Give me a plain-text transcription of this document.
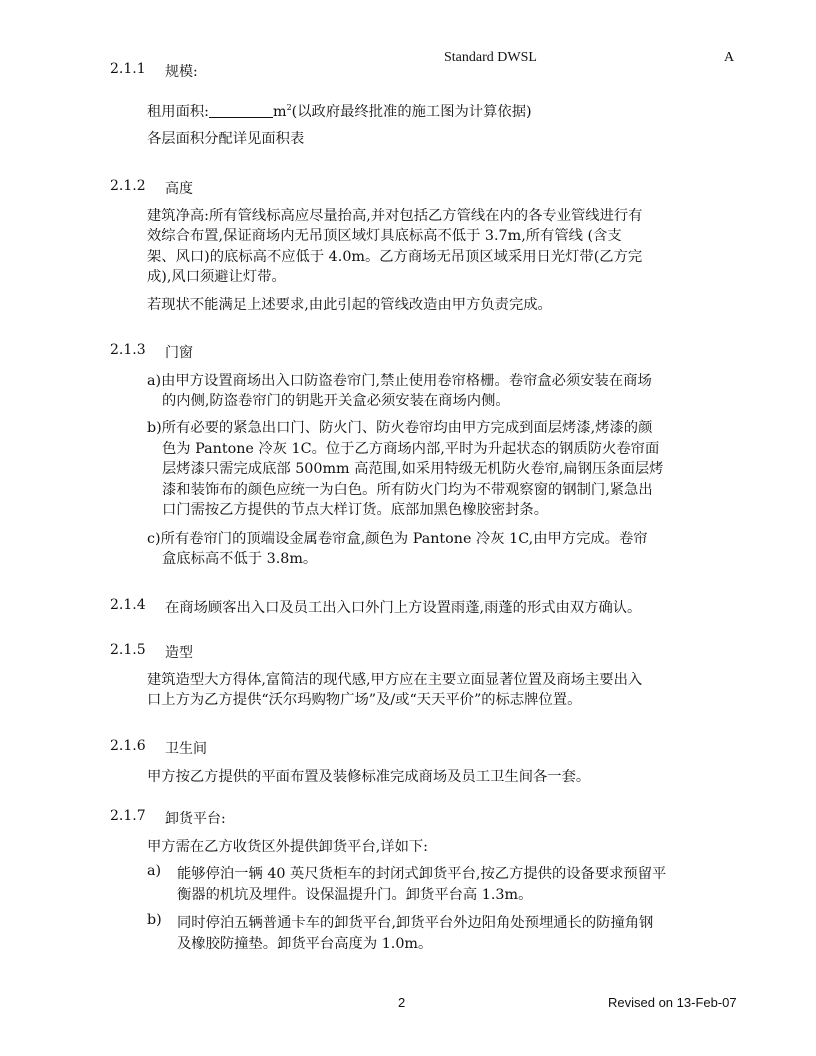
Standard DWSL	A
2.1.1 规模:
租用面积:	$m^2$(以政府最终批准的施工图为计算依据)
各层面积分配详见面积表
2.1.2 高度
建筑净高:所有管线标高应尽量抬高,并对包括乙方管线在内的各专业管线进行有
效综合布置,保证商场内无吊顶区域灯具底标高不低于 3.7m,所有管线 (含支
架、风口)的底标高不应低于 4.0m。乙方商场无吊顶区域采用日光灯带(乙方完
成),风口须避让灯带。
若现状不能满足上述要求,由此引起的管线改造由甲方负责完成。
2.1.3 门窗
a)由甲方设置商场出入口防盗卷帘门,禁止使用卷帘格栅。卷帘盒必须安装在商场
的内侧,防盗卷帘门的钥匙开关盒必须安装在商场内侧。
b)所有必要的紧急出口门、防火门、防火卷帘均由甲方完成到面层烤漆,烤漆的颜
色为 Pantone 冷灰 1C。位于乙方商场内部,平时为升起状态的钢质防火卷帘面
层烤漆只需完成底部 500mm 高范围,如采用特级无机防火卷帘,扁钢压条面层烤
漆和装饰布的颜色应统一为白色。所有防火门均为不带观察窗的钢制门,紧急出
口门需按乙方提供的节点大样订货。底部加黑色橡胶密封条。
c)所有卷帘门的顶端设金属卷帘盒,颜色为 Pantone 冷灰 1C,由甲方完成。卷帘
盒底标高不低于 3.8m。
2.1.4 在商场顾客出入口及员工出入口外门上方设置雨蓬,雨蓬的形式由双方确认。
2.1.5 造型
建筑造型大方得体,富简洁的现代感,甲方应在主要立面显著位置及商场主要出入
口上方为乙方提供“沃尔玛购物广场”及/或“天天平价”的标志牌位置。
2.1.6 卫生间
甲方按乙方提供的平面布置及装修标准完成商场及员工卫生间各一套。
2.1.7 卸货平台:
甲方需在乙方收货区外提供卸货平台,详如下:
a) 能够停泊一辆 40 英尺货柜车的封闭式卸货平台,按乙方提供的设备要求预留平
衡器的机坑及埋件。设保温提升门。卸货平台高 1.3m。
b) 同时停泊五辆普通卡车的卸货平台,卸货平台外边阳角处预埋通长的防撞角钢
及橡胶防撞垫。卸货平台高度为 1.0m。
2	Revised on 13-Feb-07
